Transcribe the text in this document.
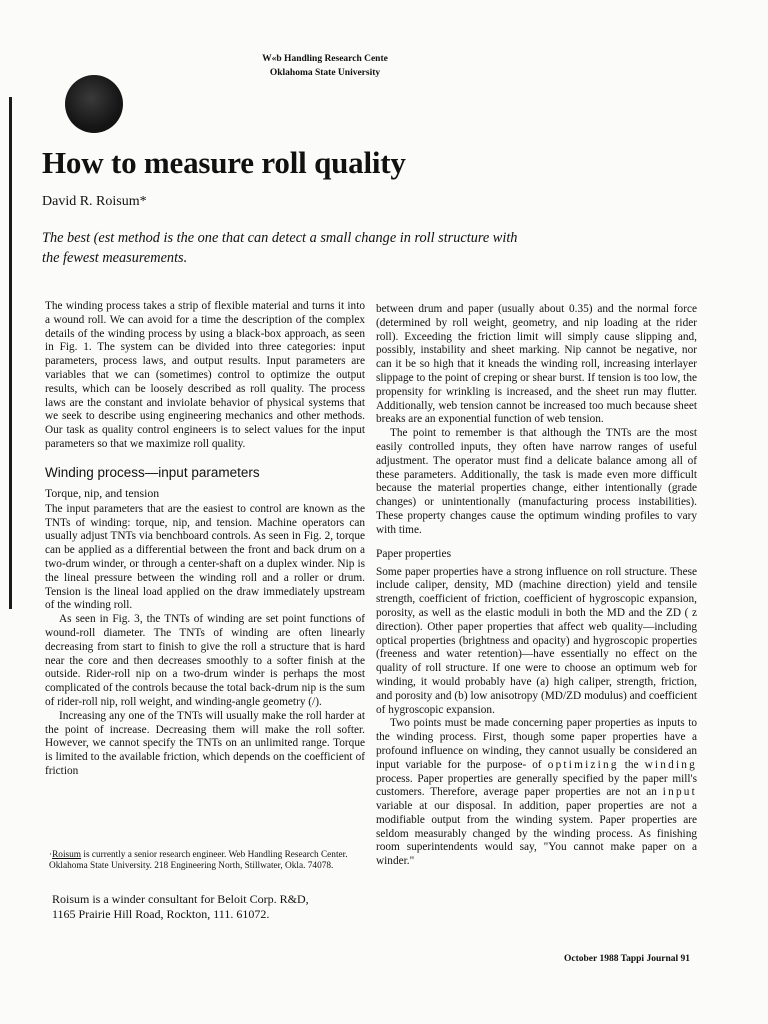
W«b Handling Research Cente
Oklahoma State University
How to measure roll quality
David R. Roisum*
The best (est method is the one that can detect a small change in roll structure with
the fewest measurements.

The winding process takes a strip of flexible material and turns it into a wound roll. We can avoid for a time the description of the complex details of the winding process by using a black-box approach, as seen in Fig. 1. The system can be divided into three categories: input parameters, process laws, and output results. Input parameters are variables that we can (sometimes) control to optimize the output results, which can be loosely described as roll quality. The process laws are the constant and inviolate behavior of physical systems that we seek to describe using engineering mechanics and other methods. Our task as quality control engineers is to select values for the input parameters so that we maximize roll quality.

Winding process—input parameters
Torque, nip, and tension

The input parameters that are the easiest to control are known as the TNTs of winding: torque, nip, and tension. Machine operators can usually adjust TNTs via benchboard controls. As seen in Fig. 2, torque can be applied as a differential between the front and back drum on a two-drum winder, or through a center-shaft on a duplex winder. Nip is the lineal pressure between the winding roll and a roller or drum. Tension is the lineal load applied on the draw immediately upstream of the winding roll.

As seen in Fig. 3, the TNTs of winding are set point functions of wound-roll diameter. The TNTs of winding are often linearly decreasing from start to finish to give the roll a structure that is hard near the core and then decreases smoothly to a softer finish at the outside. Rider-roll nip on a two-drum winder is perhaps the most complicated of the controls because the total back-drum nip is the sum of rider-roll nip, roll weight, and winding-angle geometry (/).

Increasing any one of the TNTs will usually make the roll harder at the point of increase. Decreasing them will make the roll softer. However, we cannot specify the TNTs on an unlimited range. Torque is limited to the available friction, which depends on the coefficient of friction

·Roisum is currently a senior research engineer. Web Handling Research Center. Oklahoma State University. 218 Engineering North, Stillwater, Okla. 74078.
Roisum is a winder consultant for Beloit Corp. R&D,
1165 Prairie Hill Road, Rockton, 111. 61072.

between drum and paper (usually about 0.35) and the normal force (determined by roll weight, geometry, and nip loading at the rider roll). Exceeding the friction limit will simply cause slipping and, possibly, instability and sheet marking. Nip cannot be negative, nor can it be so high that it kneads the winding roll, increasing interlayer slippage to the point of creping or shear burst. If tension is too low, the propensity for wrinkling is increased, and the sheet run may flutter. Additionally, web tension cannot be increased too much because sheet breaks are an exponential function of web tension.

The point to remember is that although the TNTs are the most easily controlled inputs, they often have narrow ranges of useful adjustment. The operator must find a delicate balance among all of these parameters. Additionally, the task is made even more difficult because the material properties change, either intentionally (grade changes) or unintentionally (manufacturing process instabilities). These property changes cause the optimum winding profiles to vary with time.

Paper properties

Some paper properties have a strong influence on roll structure. These include caliper, density, MD (machine direction) yield and tensile strength, coefficient of friction, coefficient of hygroscopic expansion, porosity, as well as the elastic moduli in both the MD and the ZD ( z direction). Other paper properties that affect web quality—including optical properties (brightness and opacity) and hygroscopic properties (freeness and water retention)—have essentially no effect on the quality of roll structure. If one were to choose an optimum web for winding, it would probably have (a) high caliper, strength, friction, and porosity and (b) low anisotropy (MD/ZD modulus) and coefficient of hygroscopic expansion.

Two points must be made concerning paper properties as inputs to the winding process. First, though some paper properties have a profound influence on winding, they cannot usually be considered an input variable for the purpose- of optimizing the winding process. Paper properties are generally specified by the paper mill's customers. Therefore, average paper properties are not an input variable at our disposal. In addition, paper properties are not a modifiable output from the winding system. Paper properties are seldom measurably changed by the winding process. As finishing room superintendents would say, "You cannot make paper on a winder."

October 1988 Tappi Journal 91
